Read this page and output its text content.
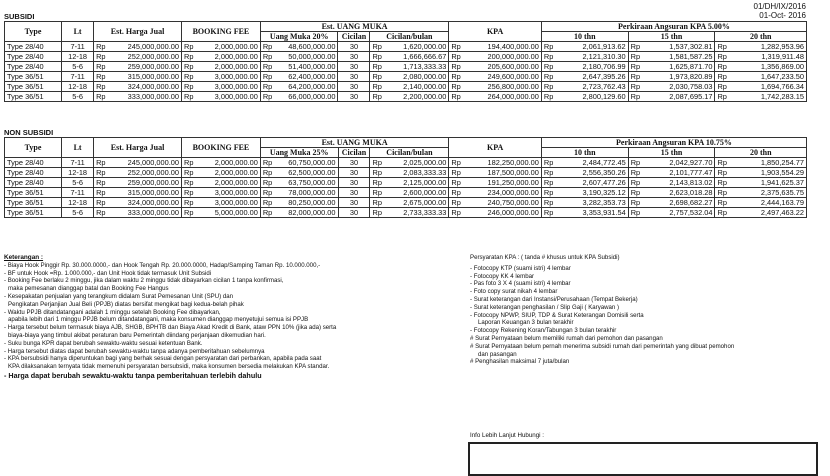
01/DH/IX/2016
01-Oct- 2016
SUBSIDI
Type	Lt	Est. Harga Jual		BOOKING FEE		Est. UANG MUKA					KPA		Perkiraan Angsuran KPA 5.00%					
						Uang Muka 20%		Cicilan	Cicilan/bulan				10 thn		15 thn		20 thn	
Type 28/40	7-11	Rp	245,000,000.00	Rp	2,000,000.00	Rp	48,600,000.00	30	Rp	1,620,000.00	Rp	194,400,000.00	Rp	2,061,913.62	Rp	1,537,302.81	Rp	1,282,953.96
Type 28/40	12-18	Rp	252,000,000.00	Rp	2,000,000.00	Rp	50,000,000.00	30	Rp	1,666,666.67	Rp	200,000,000.00	Rp	2,121,310.30	Rp	1,581,587.25	Rp	1,319,911.48
Type 28/40	5-6	Rp	259,000,000.00	Rp	2,000,000.00	Rp	51,400,000.00	30	Rp	1,713,333.33	Rp	205,600,000.00	Rp	2,180,706.99	Rp	1,625,871.70	Rp	1,356,869.00
Type 36/51	7-11	Rp	315,000,000.00	Rp	3,000,000.00	Rp	62,400,000.00	30	Rp	2,080,000.00	Rp	249,600,000.00	Rp	2,647,395.26	Rp	1,973,820.89	Rp	1,647,233.50
Type 36/51	12-18	Rp	324,000,000.00	Rp	3,000,000.00	Rp	64,200,000.00	30	Rp	2,140,000.00	Rp	256,800,000.00	Rp	2,723,762.43	Rp	2,030,758.03	Rp	1,694,766.34
Type 36/51	5-6	Rp	333,000,000.00	Rp	3,000,000.00	Rp	66,000,000.00	30	Rp	2,200,000.00	Rp	264,000,000.00	Rp	2,800,129.60	Rp	2,087,695.17	Rp	1,742,283.15
NON SUBSIDI
Type	Lt	Est. Harga Jual		BOOKING FEE		Est. UANG MUKA					KPA		Perkiraan Angsuran KPA 10.75%					
						Uang Muka 25%		Cicilan	Cicilan/bulan				10 thn		15 thn		20 thn	
Type 28/40	7-11	Rp	245,000,000.00	Rp	2,000,000.00	Rp	60,750,000.00	30	Rp	2,025,000.00	Rp	182,250,000.00	Rp	2,484,772.45	Rp	2,042,927.70	Rp	1,850,254.77
Type 28/40	12-18	Rp	252,000,000.00	Rp	2,000,000.00	Rp	62,500,000.00	30	Rp	2,083,333.33	Rp	187,500,000.00	Rp	2,556,350.26	Rp	2,101,777.47	Rp	1,903,554.29
Type 28/40	5-6	Rp	259,000,000.00	Rp	2,000,000.00	Rp	63,750,000.00	30	Rp	2,125,000.00	Rp	191,250,000.00	Rp	2,607,477.26	Rp	2,143,813.02	Rp	1,941,625.37
Type 36/51	7-11	Rp	315,000,000.00	Rp	3,000,000.00	Rp	78,000,000.00	30	Rp	2,600,000.00	Rp	234,000,000.00	Rp	3,190,325.12	Rp	2,623,018.28	Rp	2,375,635.75
Type 36/51	12-18	Rp	324,000,000.00	Rp	3,000,000.00	Rp	80,250,000.00	30	Rp	2,675,000.00	Rp	240,750,000.00	Rp	3,282,353.73	Rp	2,698,682.27	Rp	2,444,163.79
Type 36/51	5-6	Rp	333,000,000.00	Rp	5,000,000.00	Rp	82,000,000.00	30	Rp	2,733,333.33	Rp	246,000,000.00	Rp	3,353,931.54	Rp	2,757,532.04	Rp	2,497,463.22
Keterangan :
- Biaya Hook Pinggir Rp. 30.000.0000,- dan Hook Tengah Rp. 20.000.0000, Hadap/Samping Taman Rp. 10.000.000,-
- BF untuk Hook =Rp. 1.000.000,- dan Unit Hook tidak termasuk Unit Subsidi
- Booking Fee berlaku 2 minggu, jika dalam waktu 2 minggu tidak dibayarkan cicilan 1 tanpa konfirmasi,
maka pemesanan dianggap batal dan Booking Fee Hangus
- Kesepakatan penjualan yang terangkum didalam Surat Pemesanan Unit (SPU) dan
Pengikatan Perjanjian Jual Beli (PPJB) diatas bersifat mengikat bagi kedua-belah pihak
- Waktu PPJB ditandatangani adalah 1 minggu setelah Booking Fee dibayarkan,
apabila lebih dari 1 minggu PPJB belum ditandatangani, maka konsumen dianggap menyetujui semua isi PPJB
- Harga tersebut belum termasuk biaya AJB, SHGB, BPHTB dan Biaya Akad Kredit di Bank, ataw PPN 10% (jika ada) serta
biaya-biaya yang timbul akibat peraturan baru Pemerintah diindang perjanjaan dikemudian hari.
- Suku bunga KPR dapat berubah sewaktu-waktu sesuai ketentuan Bank.
- Harga tersebut diatas dapat berubah sewaktu-waktu tanpa adanya pemberitahuan sebelumnya
- KPA bersubsidi hanya diperuntukan bagi yang berhak sesuai dengan persyaratan dari perbankan, apabila pada saat
KPA dilaksanakan ternyata tidak memenuhi persyaratan bersubsidi, maka konsumen bersedia melakukan KPA standar.
- Harga dapat berubah sewaktu-waktu tanpa pemberitahuan terlebih dahulu
Persyaratan KPA : ( tanda # khusus untuk KPA Subsidi)
- Fotocopy KTP (suami istri) 4 lembar
- Fotocopy KK 4 lembar
- Pas foto 3 X 4 (suami istri) 4 lembar
- Foto copy surat nikah 4 lembar
- Surat keterangan dari Instansi/Perusahaan (Tempat Bekerja)
- Surat keterangan penghasilan / Slip Gaji ( Karyawan )
- Fotocopy NPWP, SIUP, TDP & Surat Keterangan Domisili serta
Laporan Keuangan 3 bulan terakhir
- Fotocopy Rekening Koran/Tabungan 3 bulan terakhir
# Surat Pernyataan belum memiliki rumah dari pemohon dan pasangan
# Surat Pernyataan belum pernah menerima subsidi rumah dari pemerintah yang dibuat pemohon
dan pasangan
# Penghasilan maksimal 7 juta/bulan
Info Lebih Lanjut Hubungi :
